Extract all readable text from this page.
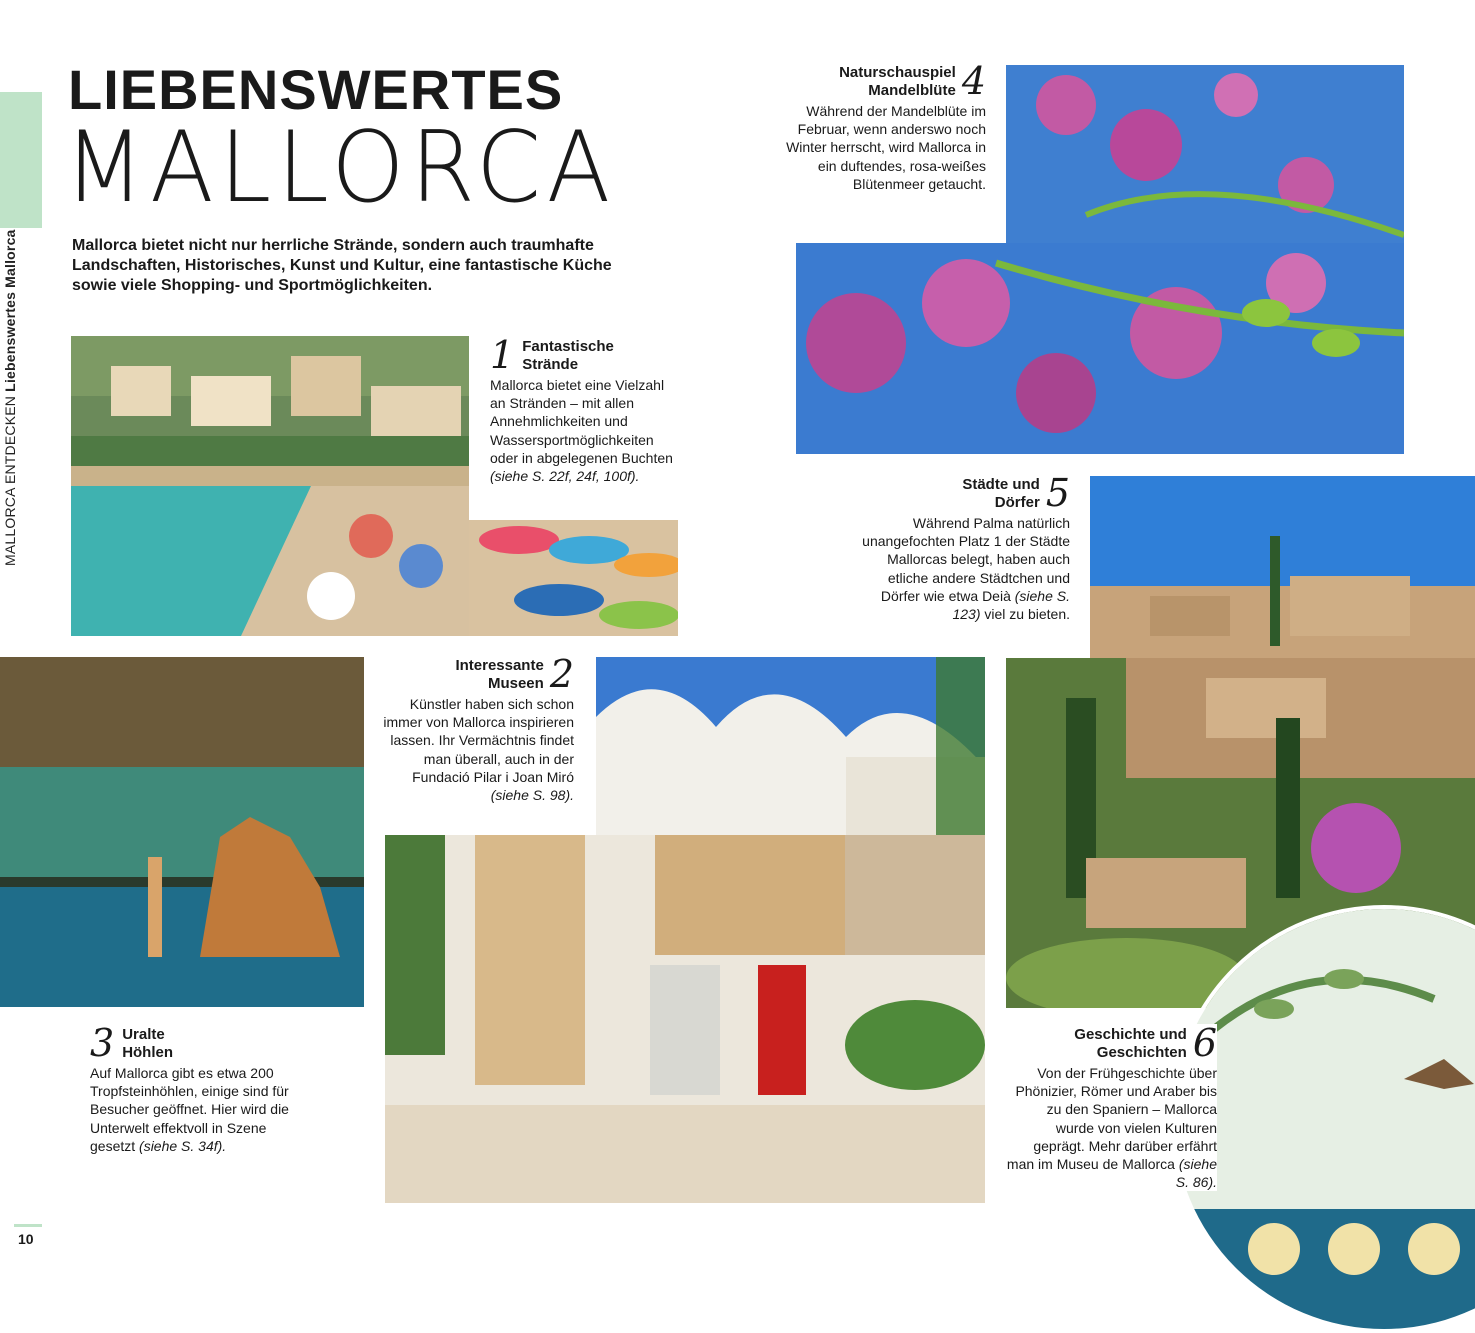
MALLORCA ENTDECKEN Liebenswertes Mallorca
LIEBENSWERTES
MALLORCA
Mallorca bietet nicht nur herrliche Strände, sondern auch traumhafte Landschaften, Historisches, Kunst und Kultur, eine fantastische Küche sowie viele Shopping- und Sportmöglichkeiten.
1 Fantastische
Strände
Mallorca bietet eine Vielzahl an Stränden – mit allen Annehmlichkeiten und Wassersportmöglichkeiten oder in abgelegenen Buchten (siehe S. 22f, 24f, 100f).
Naturschauspiel
Mandelblüte 4
Während der Mandelblüte im Februar, wenn anderswo noch Winter herrscht, wird Mallorca in ein duftendes, rosa-weißes Blütenmeer getaucht.
Städte und
Dörfer 5
Während Palma natürlich unangefochten Platz 1 der Städte Mallorcas belegt, haben auch etliche andere Städtchen und Dörfer wie etwa Deià (siehe S. 123) viel zu bieten.
3 Uralte
Höhlen
Auf Mallorca gibt es etwa 200 Tropfsteinhöhlen, einige sind für Besucher geöffnet. Hier wird die Unterwelt effektvoll in Szene gesetzt (siehe S. 34f).
Interessante
Museen 2
Künstler haben sich schon immer von Mallorca inspirieren lassen. Ihr Vermächtnis findet man überall, auch in der Fundació Pilar i Joan Miró (siehe S. 98).
Geschichte und
Geschichten 6
Von der Frühgeschichte über Phönizier, Römer und Araber bis zu den Spaniern – Mallorca wurde von vielen Kulturen geprägt. Mehr darüber erfährt man im Museu de Mallorca (siehe S. 86).
10
